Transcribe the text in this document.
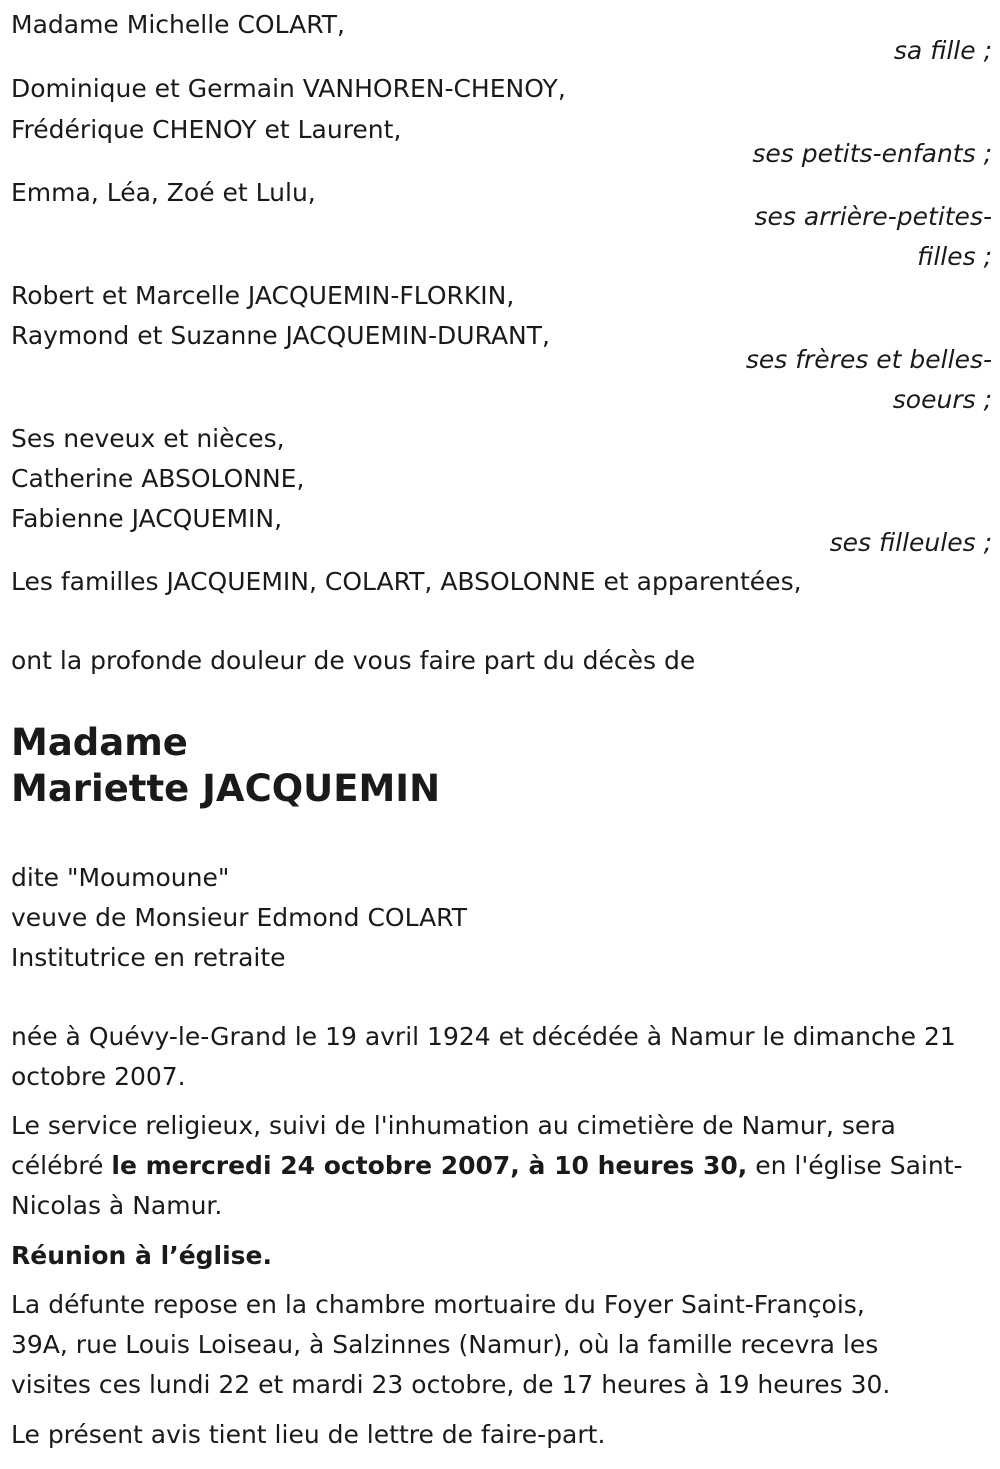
Madame Michelle COLART,
sa fille ;
Dominique et Germain VANHOREN-CHENOY,
Frédérique CHENOY et Laurent,
ses petits-enfants ;
Emma, Léa, Zoé et Lulu,
ses arrière-petites-
filles ;
Robert et Marcelle JACQUEMIN-FLORKIN,
Raymond et Suzanne JACQUEMIN-DURANT,
ses frères et belles-
soeurs ;
Ses neveux et nièces,
Catherine ABSOLONNE,
Fabienne JACQUEMIN,
ses filleules ;
Les familles JACQUEMIN, COLART, ABSOLONNE et apparentées,
ont la profonde douleur de vous faire part du décès de
Madame
Mariette JACQUEMIN
dite "Moumoune"
veuve de Monsieur Edmond COLART
Institutrice en retraite
née à Quévy-le-Grand le 19 avril 1924 et décédée à Namur le dimanche 21
octobre 2007.
Le service religieux, suivi de l'inhumation au cimetière de Namur, sera
célébré le mercredi 24 octobre 2007, à 10 heures 30, en l'église Saint-
Nicolas à Namur.
Réunion à l’église.
La défunte repose en la chambre mortuaire du Foyer Saint-François,
39A, rue Louis Loiseau, à Salzinnes (Namur), où la famille recevra les
visites ces lundi 22 et mardi 23 octobre, de 17 heures à 19 heures 30.
Le présent avis tient lieu de lettre de faire-part.
